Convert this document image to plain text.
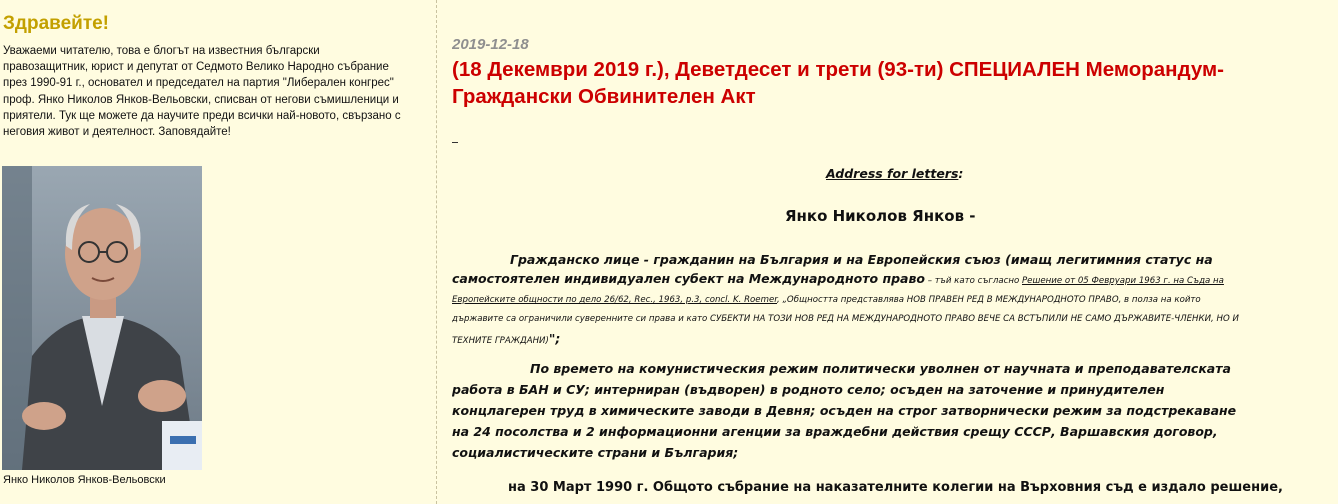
Здравейте!

Уважаеми читателю, това е блогът на известния български правозащитник, юрист и депутат от Седмото Велико Народно събрание през 1990-91 г., основател и председател на партия "Либерален конгрес" проф. Янко Николов Янков-Вельовски, списван от негови съмишленици и приятели. Тук ще можете да научите преди всички най-новото, свързано с неговия живот и деятелност. Заповядайте!

Янко Николов Янков-Вельовски
2019-12-18
(18 Декември 2019 г.), Деветдесет и трети (93-ти) СПЕЦИАЛЕН Меморандум-Граждански Обвинителен Акт
Address for letters:
Янко Николов Янков -
Гражданско лице - гражданин на България и на Европейския съюз (имащ легитимния статус на
самостоятелен индивидуален субект на Международното право – тъй като съгласно Решение от 05 Февруари 1963 г. на Съда на
Европейските общности по дело 26/62, Rec., 1963, p.3, concl. K. Roemer, „Общността представлява НОВ ПРАВЕН РЕД В МЕЖДУНАРОДНОТО ПРАВО, в полза на който
държавите са ограничили суверенните си права и като СУБЕКТИ НА ТОЗИ НОВ РЕД НА МЕЖДУНАРОДНОТО ПРАВО ВЕЧЕ СА ВСТЪПИЛИ НЕ САМО ДЪРЖАВИТЕ-ЧЛЕНКИ, НО И
ТЕХНИТЕ ГРАЖДАНИ)";
По времето на комунистическия режим политически уволнен от научната и преподавателската
работа в БАН и СУ; интерниран (въдворен) в родното село; осъден на заточение и принудителен
концлагерен труд в химическите заводи в Девня; осъден на строг затворнически режим за подстрекаване
на 24 посолства и 2 информационни агенции за враждебни действия срещу СССР, Варшавския договор,
социалистическите страни и България;
на 30 Март 1990 г. Общото събрание на наказателните колегии на Върховния съд е издало решение,
